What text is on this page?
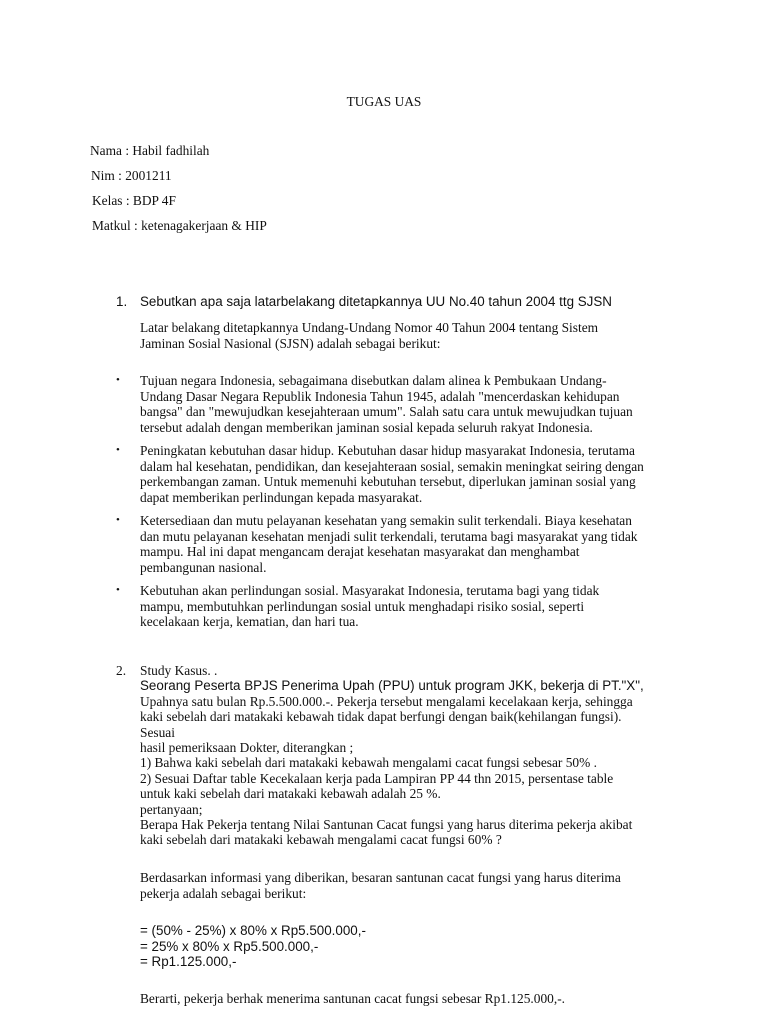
TUGAS UAS
Nama : Habil fadhilah
Nim : 2001211
Kelas : BDP 4F
Matkul : ketenagakerjaan & HIP
1. Sebutkan apa saja latarbelakang ditetapkannya UU No.40 tahun 2004 ttg SJSN
Latar belakang ditetapkannya Undang-Undang Nomor 40 Tahun 2004 tentang Sistem
Jaminan Sosial Nasional (SJSN) adalah sebagai berikut:
• Tujuan negara Indonesia, sebagaimana disebutkan dalam alinea k Pembukaan Undang-
Undang Dasar Negara Republik Indonesia Tahun 1945, adalah "mencerdaskan kehidupan
bangsa" dan "mewujudkan kesejahteraan umum". Salah satu cara untuk mewujudkan tujuan
tersebut adalah dengan memberikan jaminan sosial kepada seluruh rakyat Indonesia.
• Peningkatan kebutuhan dasar hidup. Kebutuhan dasar hidup masyarakat Indonesia, terutama
dalam hal kesehatan, pendidikan, dan kesejahteraan sosial, semakin meningkat seiring dengan
perkembangan zaman. Untuk memenuhi kebutuhan tersebut, diperlukan jaminan sosial yang
dapat memberikan perlindungan kepada masyarakat.
• Ketersediaan dan mutu pelayanan kesehatan yang semakin sulit terkendali. Biaya kesehatan
dan mutu pelayanan kesehatan menjadi sulit terkendali, terutama bagi masyarakat yang tidak
mampu. Hal ini dapat mengancam derajat kesehatan masyarakat dan menghambat
pembangunan nasional.
• Kebutuhan akan perlindungan sosial. Masyarakat Indonesia, terutama bagi yang tidak
mampu, membutuhkan perlindungan sosial untuk menghadapi risiko sosial, seperti
kecelakaan kerja, kematian, dan hari tua.
2. Study Kasus. .
Seorang Peserta BPJS Penerima Upah (PPU) untuk program JKK, bekerja di PT."X",
Upahnya satu bulan Rp.5.500.000.-. Pekerja tersebut mengalami kecelakaan kerja, sehingga
kaki sebelah dari matakaki kebawah tidak dapat berfungi dengan baik(kehilangan fungsi).
Sesuai
hasil pemeriksaan Dokter, diterangkan ;
1) Bahwa kaki sebelah dari matakaki kebawah mengalami cacat fungsi sebesar 50% .
2) Sesuai Daftar table Kecekalaan kerja pada Lampiran PP 44 thn 2015, persentase table
untuk kaki sebelah dari matakaki kebawah adalah 25 %.
pertanyaan;
Berapa Hak Pekerja tentang Nilai Santunan Cacat fungsi yang harus diterima pekerja akibat
kaki sebelah dari matakaki kebawah mengalami cacat fungsi 60% ?
Berdasarkan informasi yang diberikan, besaran santunan cacat fungsi yang harus diterima
pekerja adalah sebagai berikut:
= (50% - 25%) x 80% x Rp5.500.000,-
= 25% x 80% x Rp5.500.000,-
= Rp1.125.000,-
Berarti, pekerja berhak menerima santunan cacat fungsi sebesar Rp1.125.000,-.
